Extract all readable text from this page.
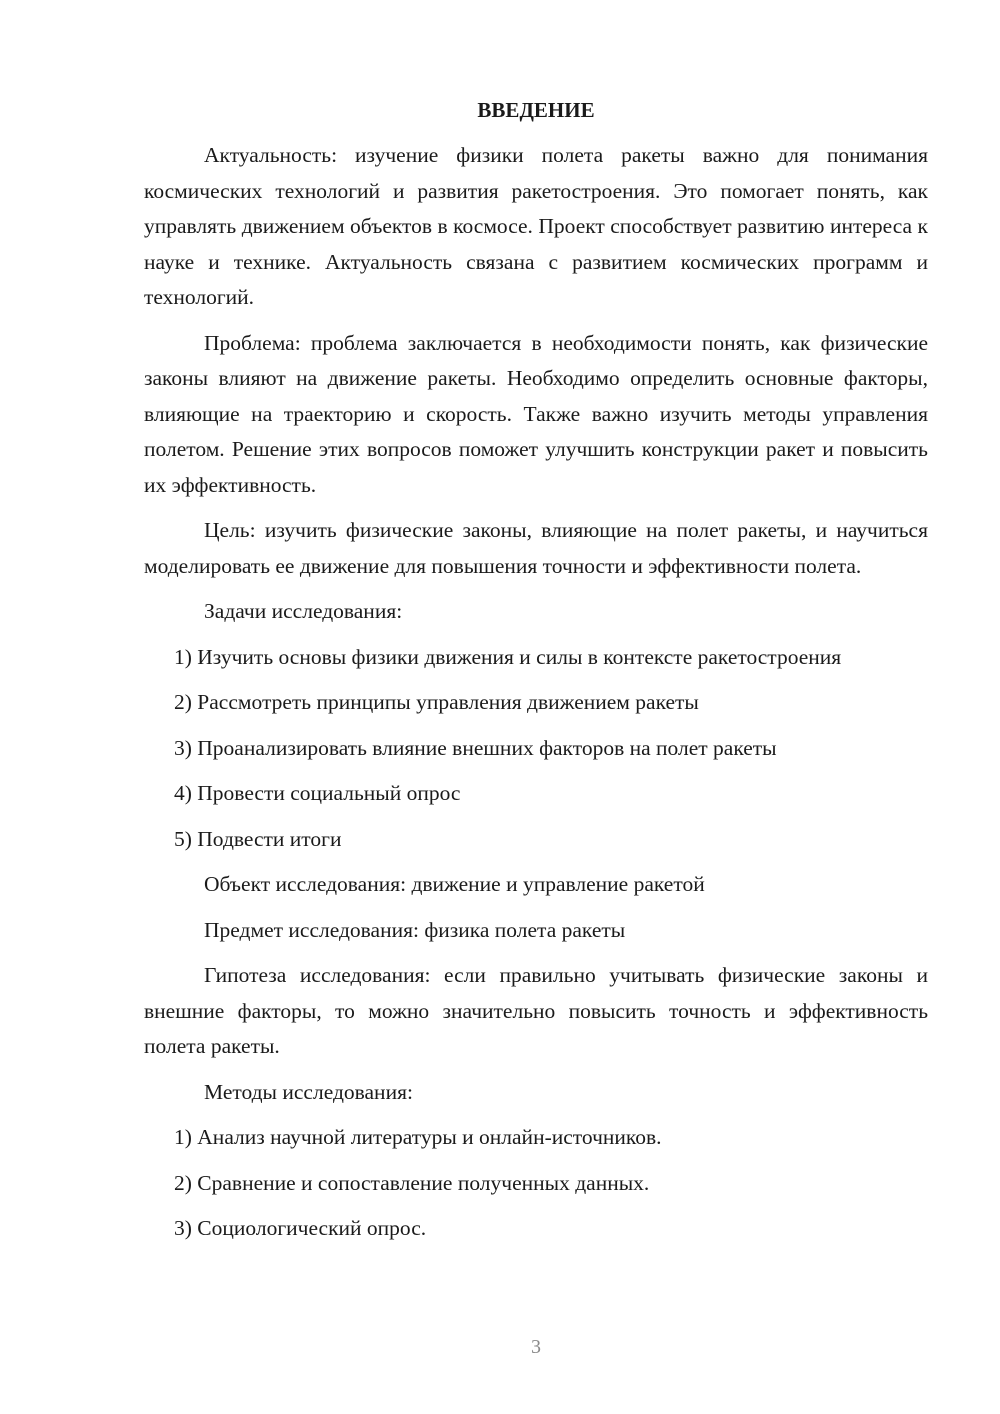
ВВЕДЕНИЕ

Актуальность: изучение физики полета ракеты важно для понимания космических технологий и развития ракетостроения. Это помогает понять, как управлять движением объектов в космосе. Проект способствует развитию интереса к науке и технике. Актуальность связана с развитием космических программ и технологий.

Проблема: проблема заключается в необходимости понять, как физические законы влияют на движение ракеты. Необходимо определить основные факторы, влияющие на траекторию и скорость. Также важно изучить методы управления полетом. Решение этих вопросов поможет улучшить конструкции ракет и повысить их эффективность.

Цель: изучить физические законы, влияющие на полет ракеты, и научиться моделировать ее движение для повышения точности и эффективности полета.

Задачи исследования:

1) Изучить основы физики движения и силы в контексте ракетостроения

2) Рассмотреть принципы управления движением ракеты

3) Проанализировать влияние внешних факторов на полет ракеты

4) Провести социальный опрос

5) Подвести итоги

Объект исследования: движение и управление ракетой

Предмет исследования: физика полета ракеты

Гипотеза исследования: если правильно учитывать физические законы и внешние факторы, то можно значительно повысить точность и эффективность полета ракеты.

Методы исследования:

1) Анализ научной литературы и онлайн-источников.

2) Сравнение и сопоставление полученных данных.

3) Социологический опрос.

3
